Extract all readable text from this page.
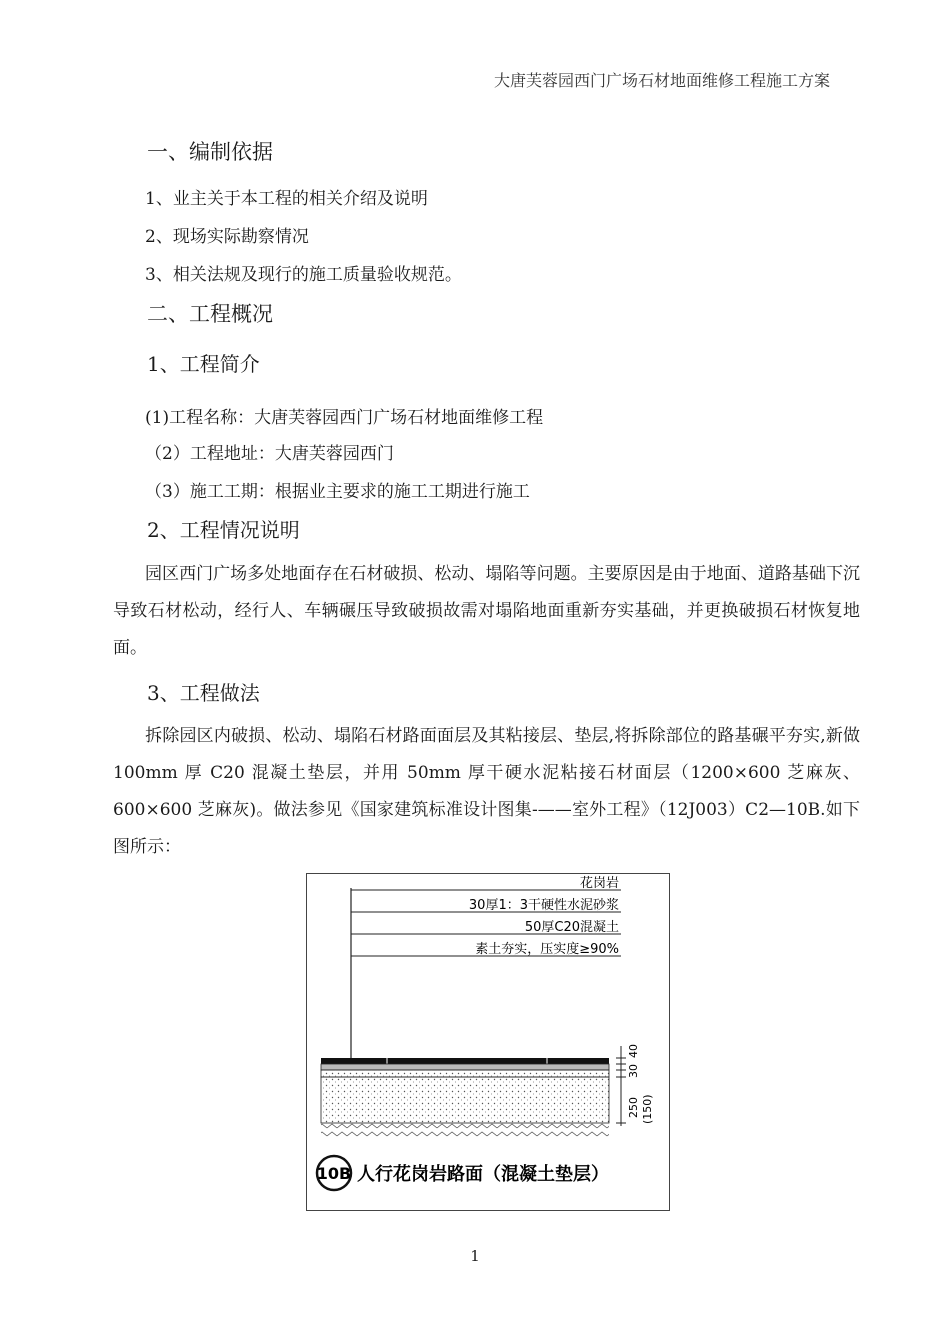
大唐芙蓉园西门广场石材地面维修工程施工方案
一、编制依据
1、业主关于本工程的相关介绍及说明
2、现场实际勘察情况
3、相关法规及现行的施工质量验收规范。
二、工程概况
1、工程简介
(1)工程名称：大唐芙蓉园西门广场石材地面维修工程
（2）工程地址：大唐芙蓉园西门
（3）施工工期：根据业主要求的施工工期进行施工
2、工程情况说明
园区西门广场多处地面存在石材破损、松动、塌陷等问题。主要原因是由于地面、道路基础下沉导致石材松动，经行人、车辆碾压导致破损故需对塌陷地面重新夯实基础，并更换破损石材恢复地面。
3、工程做法
拆除园区内破损、松动、塌陷石材路面面层及其粘接层、垫层,将拆除部位的路基碾平夯实,新做 100mm 厚 C20 混凝土垫层，并用 50mm 厚干硬水泥粘接石材面层（1200×600 芝麻灰、600×600 芝麻灰)。做法参见《国家建筑标准设计图集-——室外工程》（12J003）C2—10B.如下图所示：
花岗岩
30厚1：3干硬性水泥砂浆
50厚C20混凝土
素土夯实，压实度≥90%
40
30
250 (150)
10B 人行花岗岩路面（混凝土垫层）
1
